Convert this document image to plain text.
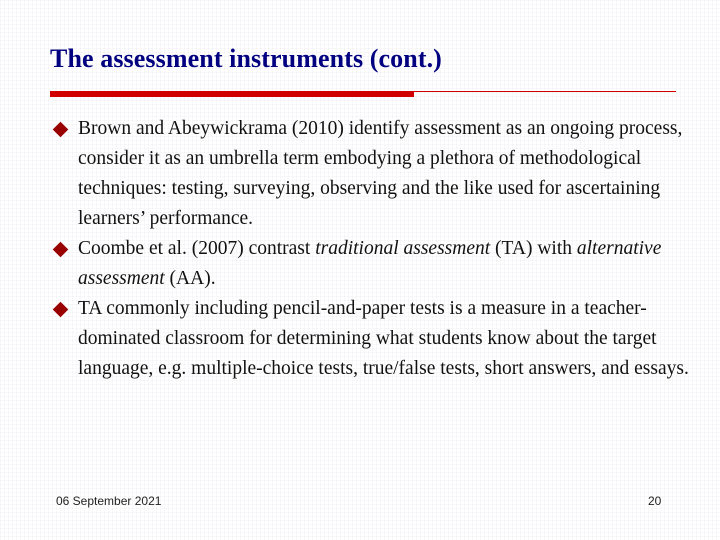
The assessment instruments (cont.)
Brown and Abeywickrama (2010) identify assessment as an ongoing process, consider it as an umbrella term embodying a plethora of methodological techniques: testing, surveying, observing and the like used for ascertaining learners’ performance.
Coombe et al. (2007) contrast traditional assessment (TA) with alternative assessment (AA).
TA commonly including pencil-and-paper tests is a measure in a teacher-dominated classroom for determining what students know about the target language, e.g. multiple-choice tests, true/false tests, short answers, and essays.
06 September 2021	20
